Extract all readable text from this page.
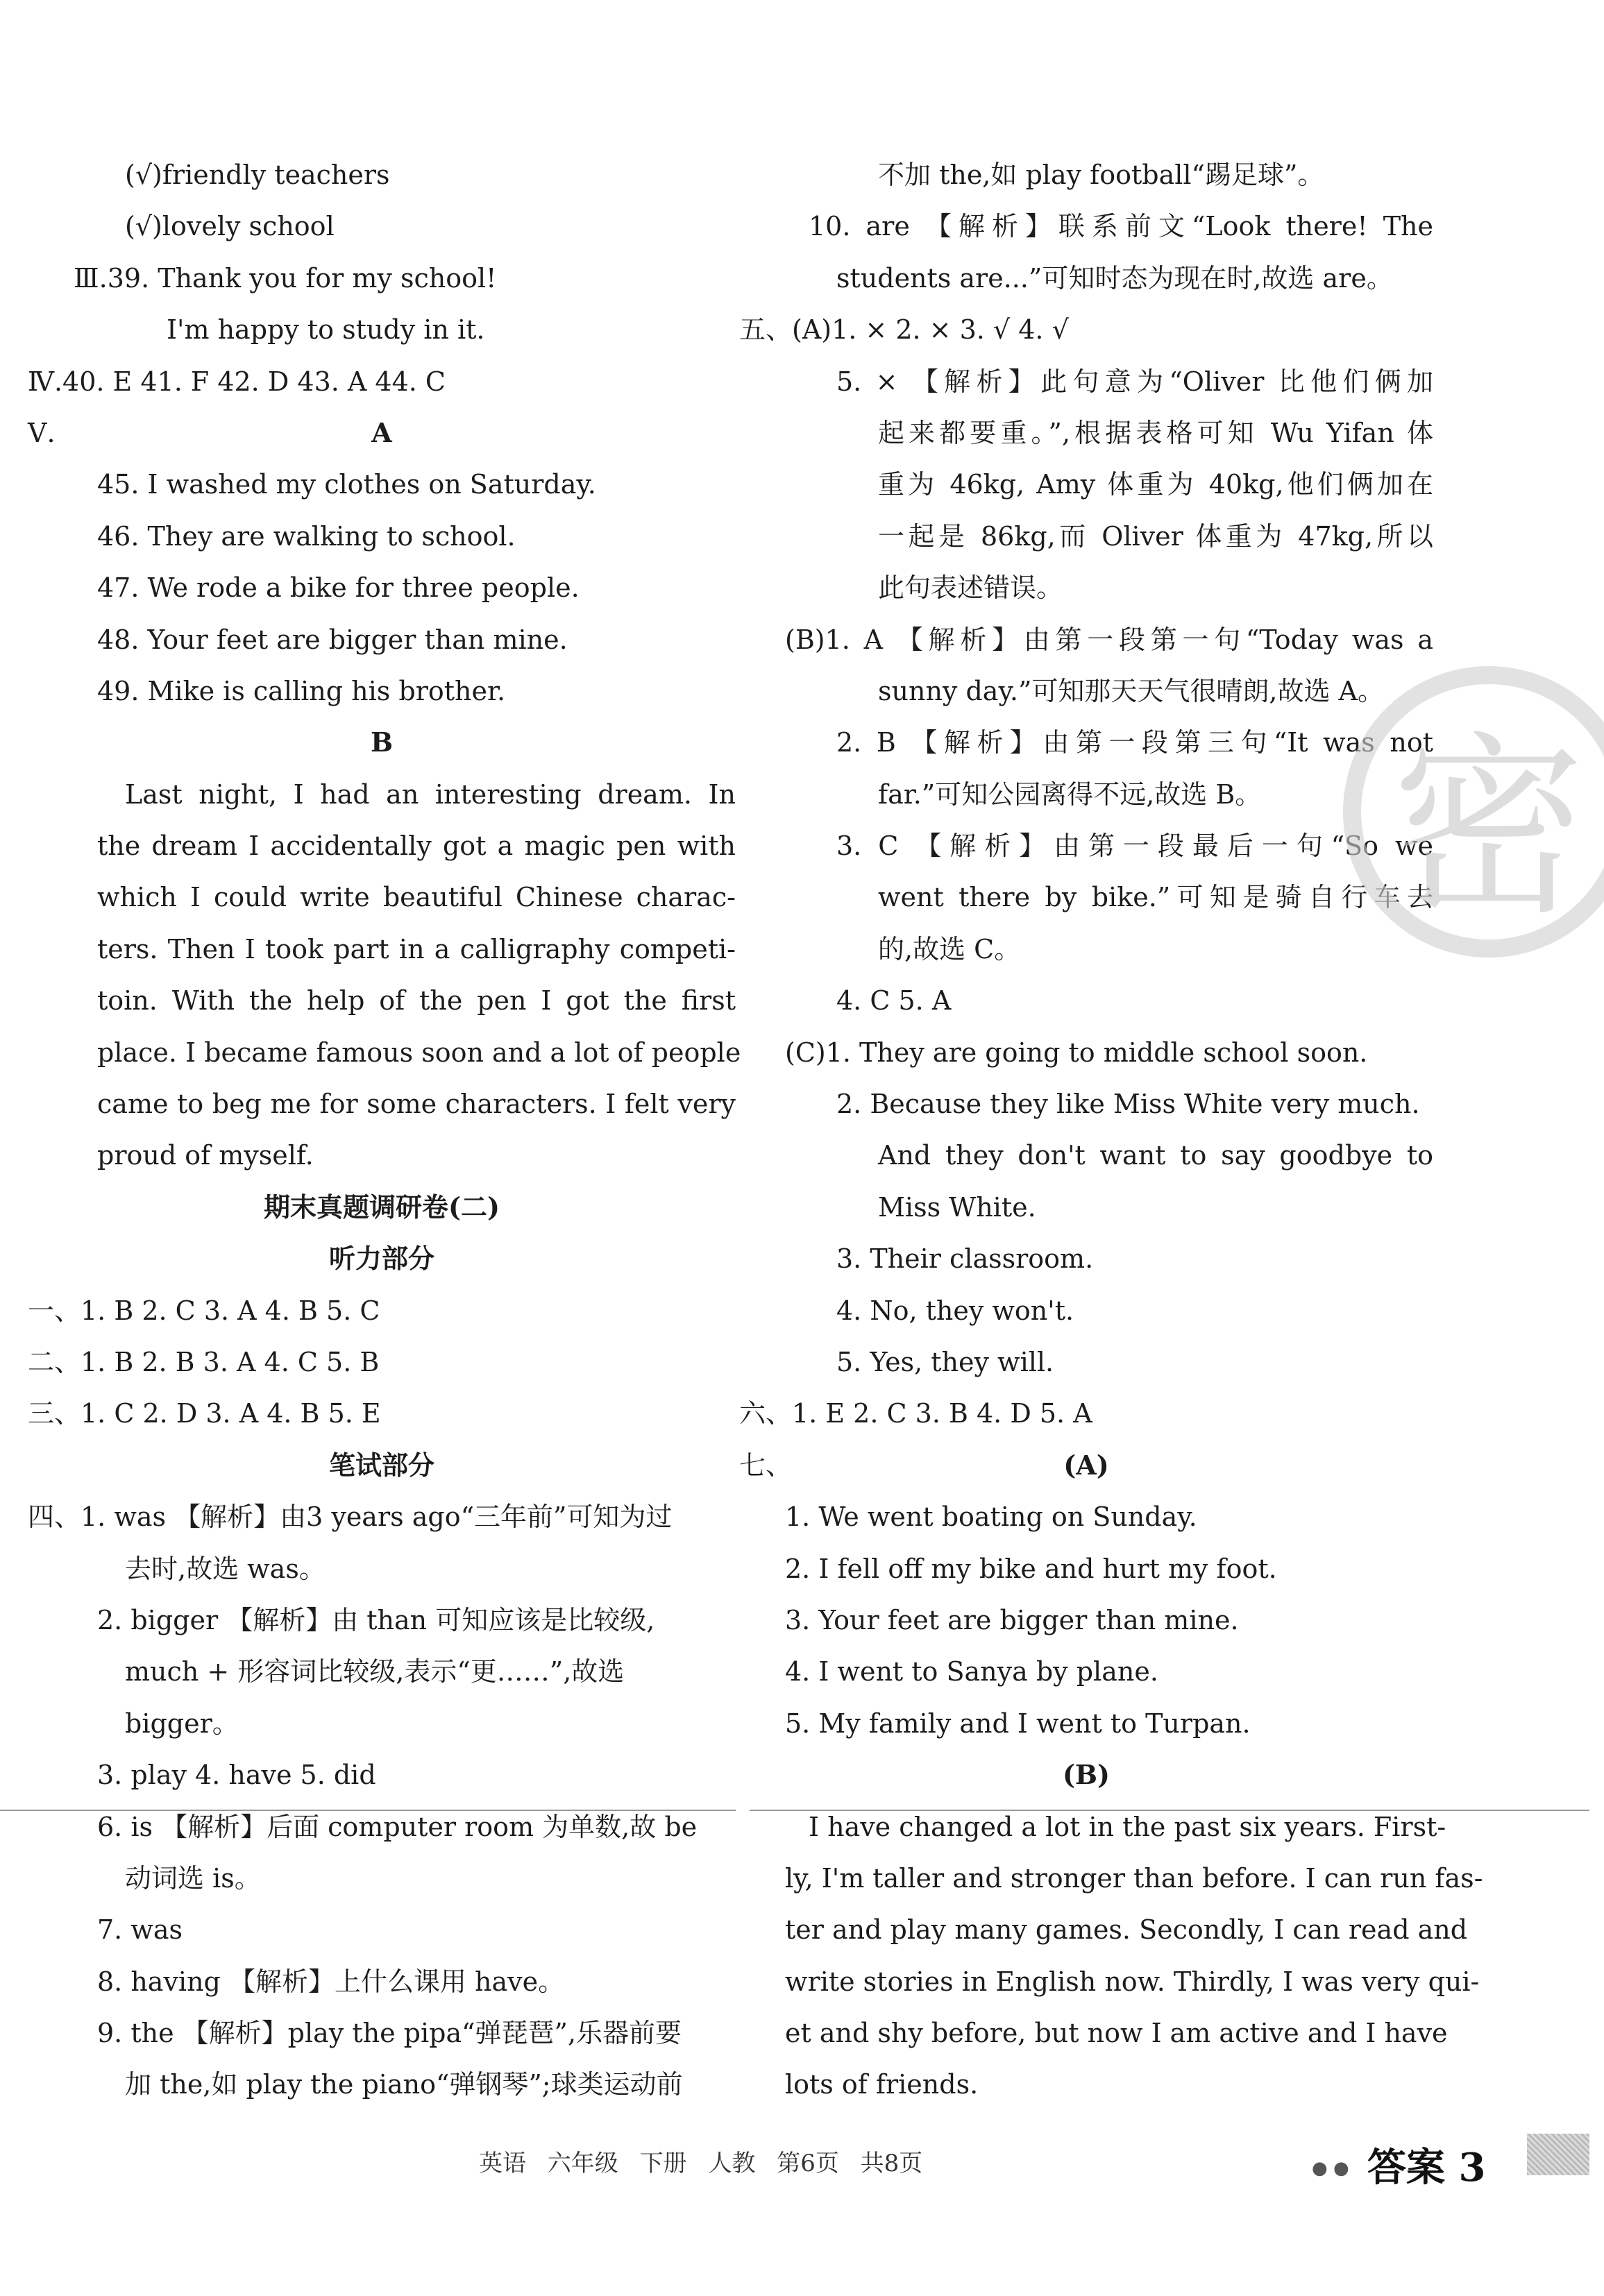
(√)friendly teachers
(√)lovely school
Ⅲ.39. Thank you for my school!
I'm happy to study in it.
Ⅳ.40. E 41. F 42. D 43. A 44. C
Ⅴ.	A
45. I washed my clothes on Saturday.
46. They are walking to school.
47. We rode a bike for three people.
48. Your feet are bigger than mine.
49. Mike is calling his brother.
B
Last night, I had an interesting dream. In
the dream I accidentally got a magic pen with
which I could write beautiful Chinese charac-
ters. Then I took part in a calligraphy competi-
toin. With the help of the pen I got the first
place. I became famous soon and a lot of people
came to beg me for some characters. I felt very
proud of myself.
期末真题调研卷(二)
听力部分
一、1. B 2. C 3. A 4. B 5. C
二、1. B 2. B 3. A 4. C 5. B
三、1. C 2. D 3. A 4. B 5. E
笔试部分
四、1. was 【解析】由3 years ago“三年前”可知为过
去时,故选 was。
2. bigger 【解析】由 than 可知应该是比较级,
much + 形容词比较级,表示“更……”,故选
bigger。
3. play 4. have 5. did
6. is 【解析】后面 computer room 为单数,故 be
动词选 is。
7. was
8. having 【解析】上什么课用 have。
9. the 【解析】play the pipa“弹琵琶”,乐器前要
加 the,如 play the piano“弹钢琴”;球类运动前
不加 the,如 play football“踢足球”。
10. are 【解析】联系前文“Look there! The
students are...”可知时态为现在时,故选 are。
五、(A)1. × 2. × 3. √ 4. √
5. × 【解析】此句意为“Oliver 比他们俩加
起来都要重。”,根据表格可知 Wu Yifan 体
重为 46kg, Amy 体重为 40kg,他们俩加在
一起是 86kg,而 Oliver 体重为 47kg,所以
此句表述错误。
(B)1. A 【解析】由第一段第一句“Today was a
sunny day.”可知那天天气很晴朗,故选 A。
2. B 【解析】由第一段第三句“It was not
far.”可知公园离得不远,故选 B。
3. C 【解析】由第一段最后一句“So we
went there by bike.”可知是骑自行车去
的,故选 C。
4. C 5. A
(C)1. They are going to middle school soon.
2. Because they like Miss White very much.
And they don't want to say goodbye to
Miss White.
3. Their classroom.
4. No, they won't.
5. Yes, they will.
六、1. E 2. C 3. B 4. D 5. A
七、	(A)
1. We went boating on Sunday.
2. I fell off my bike and hurt my foot.
3. Your feet are bigger than mine.
4. I went to Sanya by plane.
5. My family and I went to Turpan.
(B)
I have changed a lot in the past six years. First-
ly, I'm taller and stronger than before. I can run fas-
ter and play many games. Secondly, I can read and
write stories in English now. Thirdly, I was very qui-
et and shy before, but now I am active and I have
lots of friends.
密
英语 六年级 下册 人教 第6页 共8页	● ● 答案 3
